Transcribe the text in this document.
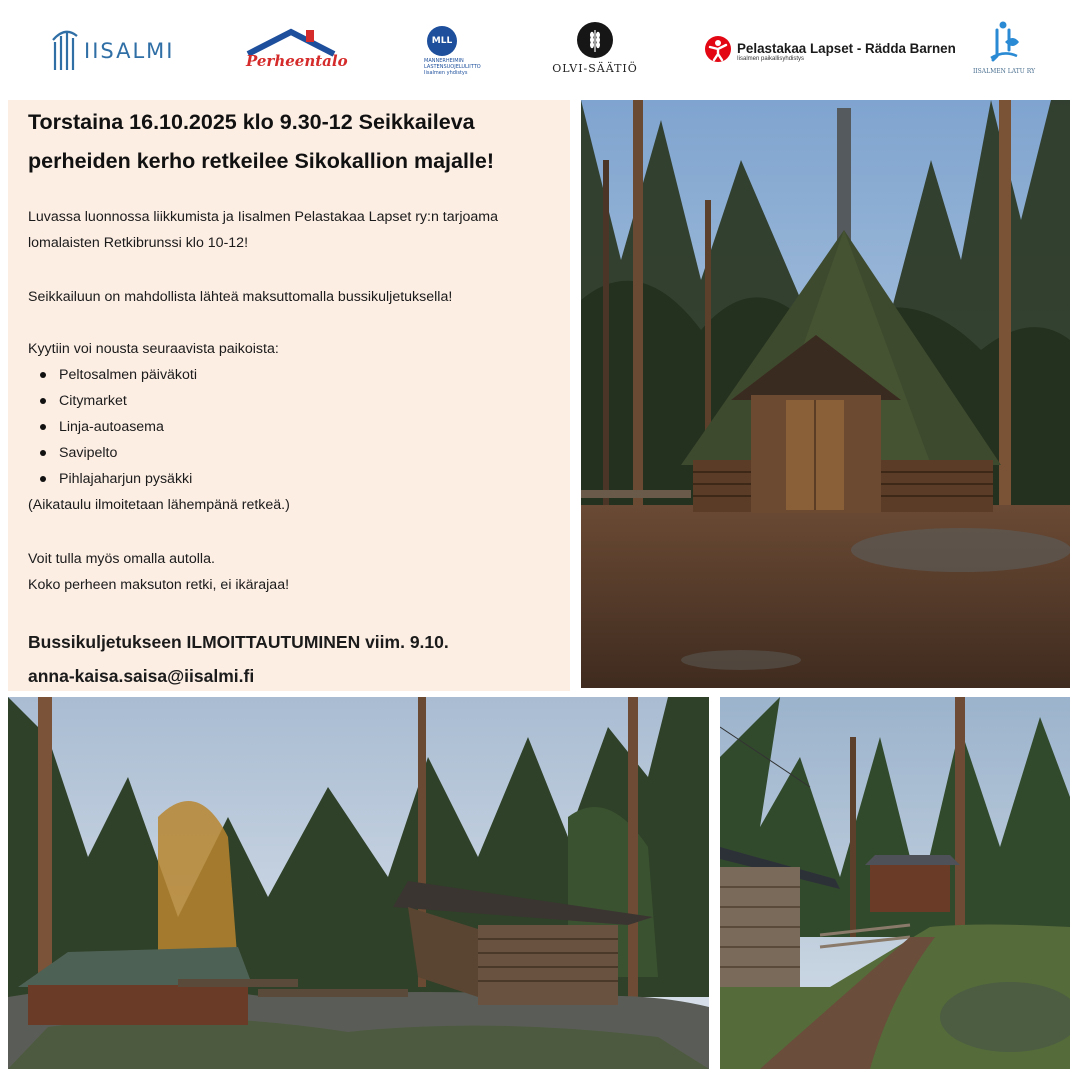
IISALMI	Perheentalo
MLL
MANNERHEIMIN LASTENSUOJELULIITTO Iisalmen yhdistys	OLVI-SÄÄTIÖ
Pelastakaa Lapset - Rädda Barnen
Iisalmen paikallisyhdistys
IISALMEN LATU RY
Torstaina 16.10.2025 klo 9.30-12 Seikkaileva perheiden kerho retkeilee Sikokallion majalle!
Luvassa luonnossa liikkumista ja Iisalmen Pelastakaa Lapset ry:n tarjoama lomalaisten Retkibrunssi klo 10-12!
Seikkailuun on mahdollista lähteä maksuttomalla bussikuljetuksella!
Kyytiin voi nousta seuraavista paikoista:
Peltosalmen päiväkoti
Citymarket
Linja-autoasema
Savipelto
Pihlajaharjun pysäkki
(Aikataulu ilmoitetaan lähempänä retkeä.)
Voit tulla myös omalla autolla.
Koko perheen maksuton retki, ei ikärajaa!
Bussikuljetukseen ILMOITTAUTUMINEN viim. 9.10.
anna-kaisa.saisa@iisalmi.fi
